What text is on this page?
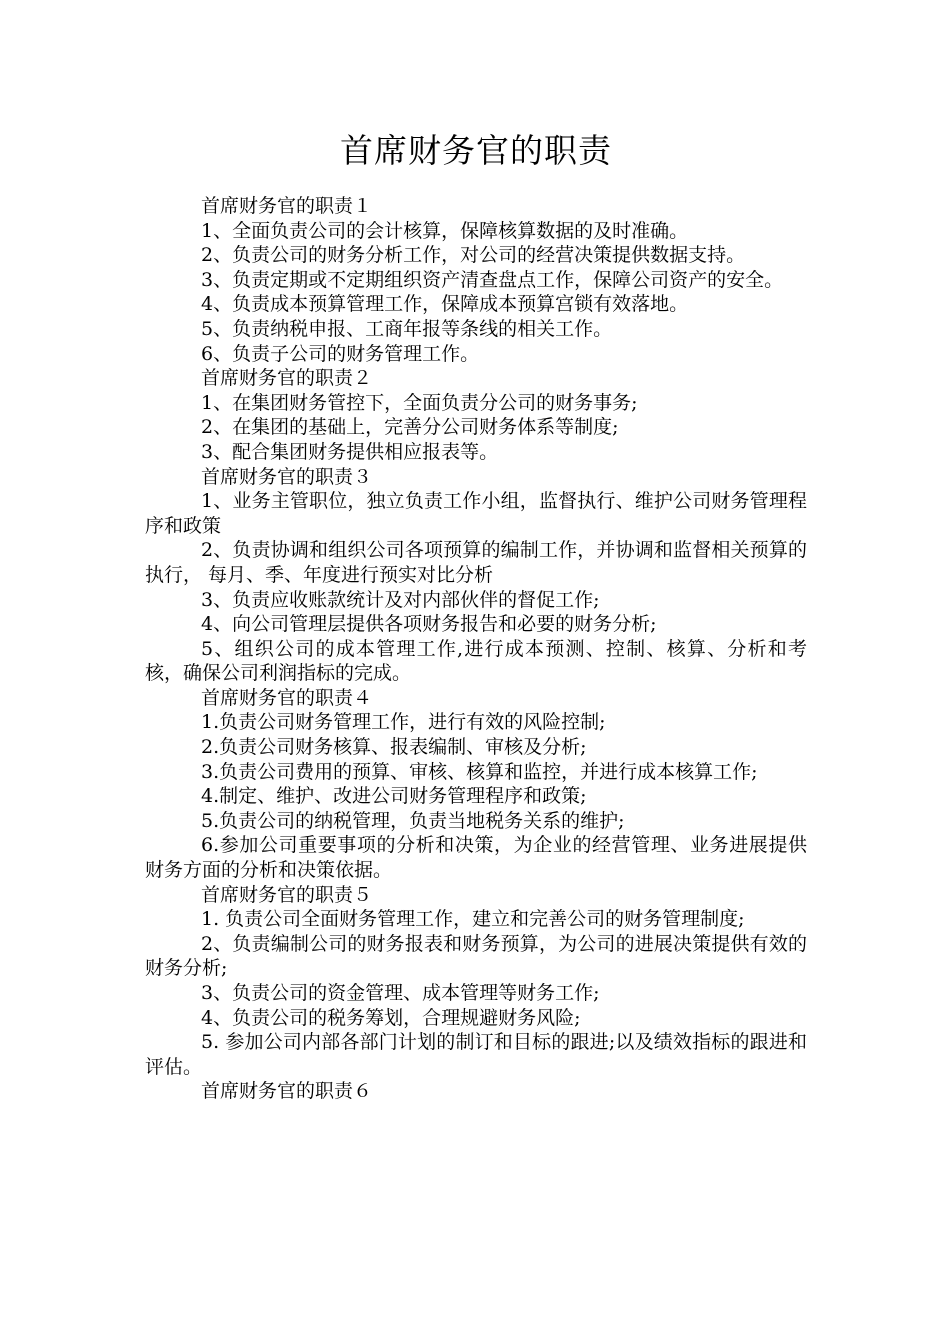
首席财务官的职责

首席财务官的职责１

1、全面负责公司的会计核算，保障核算数据的及时准确。

2、负责公司的财务分析工作，对公司的经营决策提供数据支持。

3、负责定期或不定期组织资产清查盘点工作，保障公司资产的安全。

4、负责成本预算管理工作，保障成本预算宫锁有效落地。

5、负责纳税申报、工商年报等条线的相关工作。

6、负责子公司的财务管理工作。

首席财务官的职责２

1、在集团财务管控下，全面负责分公司的财务事务;

2、在集团的基础上，完善分公司财务体系等制度;

3、配合集团财务提供相应报表等。

首席财务官的职责３

1、业务主管职位，独立负责工作小组，监督执行、维护公司财务管理程序和政策

2、负责协调和组织公司各项预算的编制工作，并协调和监督相关预算的执行， 每月、季、年度进行预实对比分析

3、负责应收账款统计及对内部伙伴的督促工作;

4、向公司管理层提供各项财务报告和必要的财务分析;

5、组织公司的成本管理工作,进行成本预测、控制、核算、分析和考核，确保公司利润指标的完成。

首席财务官的职责４

1.负责公司财务管理工作，进行有效的风险控制;

2.负责公司财务核算、报表编制、审核及分析;

3.负责公司费用的预算、审核、核算和监控，并进行成本核算工作;

4.制定、维护、改进公司财务管理程序和政策;

5.负责公司的纳税管理，负责当地税务关系的维护;

6.参加公司重要事项的分析和决策，为企业的经营管理、业务进展提供财务方面的分析和决策依据。

首席财务官的职责５

1. 负责公司全面财务管理工作，建立和完善公司的财务管理制度;

2、负责编制公司的财务报表和财务预算，为公司的进展决策提供有效的财务分析;

3、负责公司的资金管理、成本管理等财务工作;

4、负责公司的税务筹划，合理规避财务风险;

5. 参加公司内部各部门计划的制订和目标的跟进;以及绩效指标的跟进和评估。

首席财务官的职责６
